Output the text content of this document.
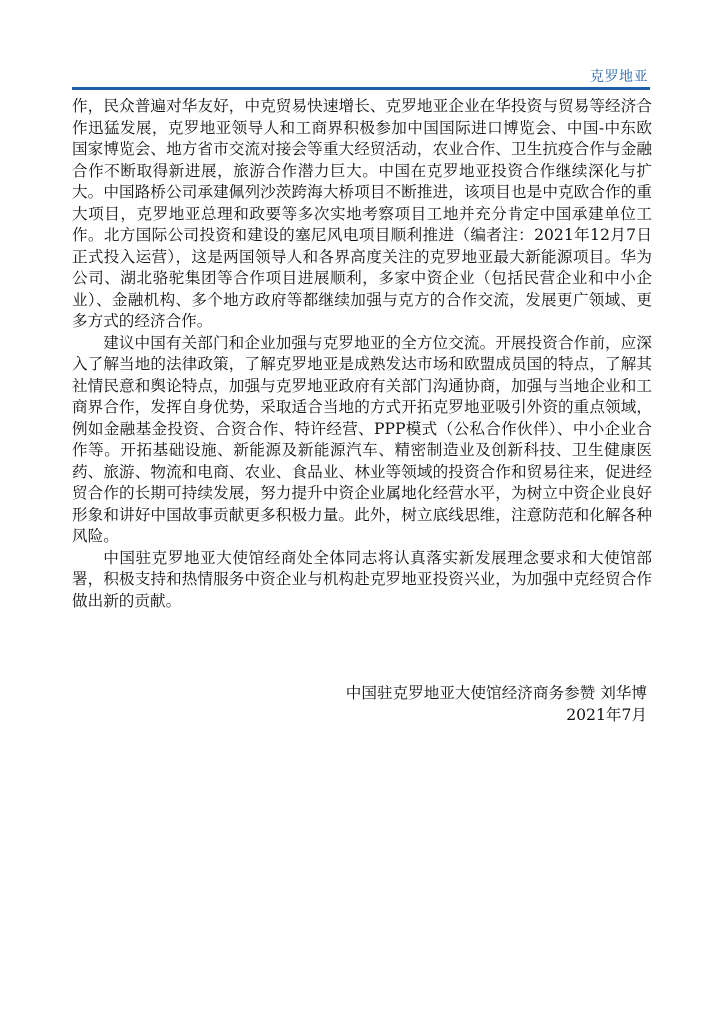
克罗地亚

作，民众普遍对华友好，中克贸易快速增长、克罗地亚企业在华投资与贸易等经济合作迅猛发展，克罗地亚领导人和工商界积极参加中国国际进口博览会、中国-中东欧国家博览会、地方省市交流对接会等重大经贸活动，农业合作、卫生抗疫合作与金融合作不断取得新进展，旅游合作潜力巨大。中国在克罗地亚投资合作继续深化与扩大。中国路桥公司承建佩列沙茨跨海大桥项目不断推进，该项目也是中克欧合作的重大项目，克罗地亚总理和政要等多次实地考察项目工地并充分肯定中国承建单位工作。北方国际公司投资和建设的塞尼风电项目顺利推进（编者注：2021年12月7日正式投入运营），这是两国领导人和各界高度关注的克罗地亚最大新能源项目。华为公司、湖北骆驼集团等合作项目进展顺利，多家中资企业（包括民营企业和中小企业）、金融机构、多个地方政府等都继续加强与克方的合作交流，发展更广领域、更多方式的经济合作。

建议中国有关部门和企业加强与克罗地亚的全方位交流。开展投资合作前，应深入了解当地的法律政策，了解克罗地亚是成熟发达市场和欧盟成员国的特点，了解其社情民意和舆论特点，加强与克罗地亚政府有关部门沟通协商，加强与当地企业和工商界合作，发挥自身优势，采取适合当地的方式开拓克罗地亚吸引外资的重点领域，例如金融基金投资、合资合作、特许经营、PPP模式（公私合作伙伴）、中小企业合作等。开拓基础设施、新能源及新能源汽车、精密制造业及创新科技、卫生健康医药、旅游、物流和电商、农业、食品业、林业等领域的投资合作和贸易往来，促进经贸合作的长期可持续发展，努力提升中资企业属地化经营水平，为树立中资企业良好形象和讲好中国故事贡献更多积极力量。此外，树立底线思维，注意防范和化解各种风险。

中国驻克罗地亚大使馆经商处全体同志将认真落实新发展理念要求和大使馆部署，积极支持和热情服务中资企业与机构赴克罗地亚投资兴业，为加强中克经贸合作做出新的贡献。

中国驻克罗地亚大使馆经济商务参赞 刘华博
2021年7月
